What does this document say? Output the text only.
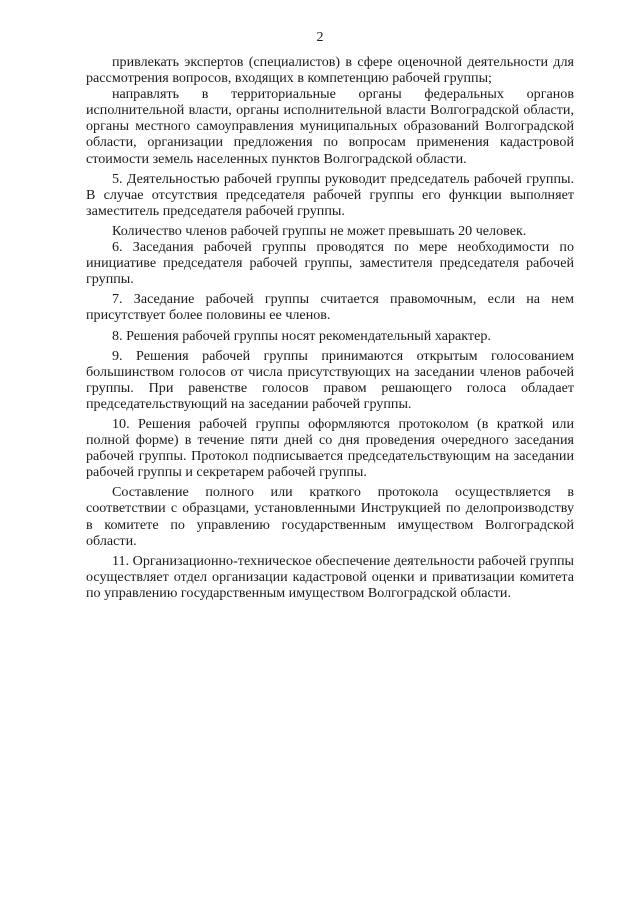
2

привлекать экспертов (специалистов) в сфере оценочной деятельности для рассмотрения вопросов, входящих в компетенцию рабочей группы;

направлять в территориальные органы федеральных органов исполнительной власти, органы исполнительной власти Волгоградской области, органы местного самоуправления муниципальных образований Волгоградской области, организации предложения по вопросам применения кадастровой стоимости земель населенных пунктов Волгоградской области.

5. Деятельностью рабочей группы руководит председатель рабочей группы. В случае отсутствия председателя рабочей группы его функции выполняет заместитель председателя рабочей группы.

Количество членов рабочей группы не может превышать 20 человек.

6. Заседания рабочей группы проводятся по мере необходимости по инициативе председателя рабочей группы, заместителя председателя рабочей группы.

7. Заседание рабочей группы считается правомочным, если на нем присутствует более половины ее членов.

8. Решения рабочей группы носят рекомендательный характер.

9. Решения рабочей группы принимаются открытым голосованием большинством голосов от числа присутствующих на заседании членов рабочей группы. При равенстве голосов правом решающего голоса обладает председательствующий на заседании рабочей группы.

10. Решения рабочей группы оформляются протоколом (в краткой или полной форме) в течение пяти дней со дня проведения очередного заседания рабочей группы. Протокол подписывается председательствующим на заседании рабочей группы и секретарем рабочей группы.

Составление полного или краткого протокола осуществляется в соответствии с образцами, установленными Инструкцией по делопроизводству в комитете по управлению государственным имуществом Волгоградской области.

11. Организационно-техническое обеспечение деятельности рабочей группы осуществляет отдел организации кадастровой оценки и приватизации комитета по управлению государственным имуществом Волгоградской области.
